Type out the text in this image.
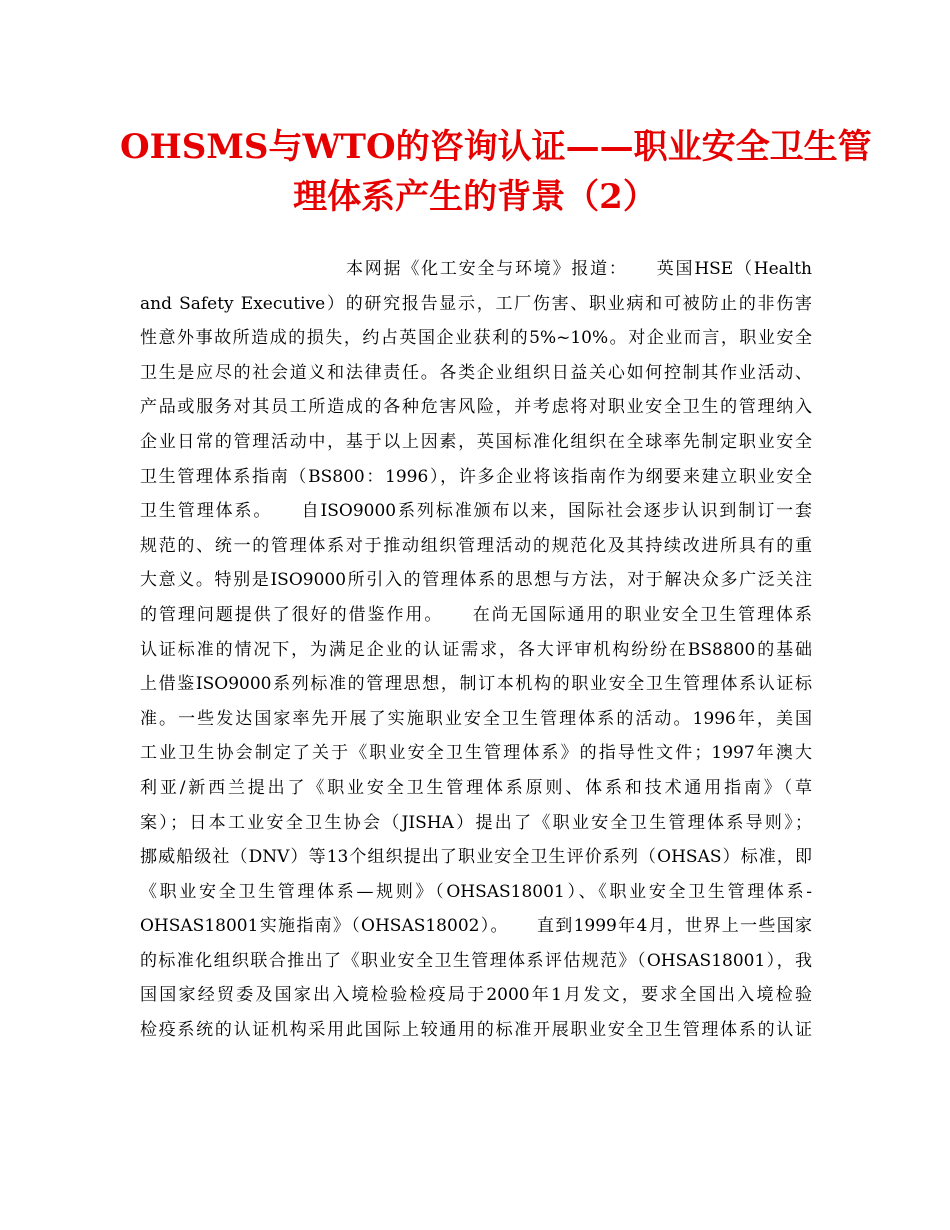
OHSMS与WTO的咨询认证——职业安全卫生管
理体系产生的背景（2）
本网据《化工安全与环境》报道：　　英国HSE（Health
and Safety Executive）的研究报告显示，工厂伤害、职业病和可被防止的非伤害
性意外事故所造成的损失，约占英国企业获利的5%~10%。对企业而言，职业安全
卫生是应尽的社会道义和法律责任。各类企业组织日益关心如何控制其作业活动、
产品或服务对其员工所造成的各种危害风险，并考虑将对职业安全卫生的管理纳入
企业日常的管理活动中，基于以上因素，英国标准化组织在全球率先制定职业安全
卫生管理体系指南（BS800：1996），许多企业将该指南作为纲要来建立职业安全
卫生管理体系。　　自ISO9000系列标准颁布以来，国际社会逐步认识到制订一套
规范的、统一的管理体系对于推动组织管理活动的规范化及其持续改进所具有的重
大意义。特别是ISO9000所引入的管理体系的思想与方法，对于解决众多广泛关注
的管理问题提供了很好的借鉴作用。　　在尚无国际通用的职业安全卫生管理体系
认证标准的情况下，为满足企业的认证需求，各大评审机构纷纷在BS8800的基础
上借鉴ISO9000系列标准的管理思想，制订本机构的职业安全卫生管理体系认证标
准。一些发达国家率先开展了实施职业安全卫生管理体系的活动。1996年，美国
工业卫生协会制定了关于《职业安全卫生管理体系》的指导性文件；1997年澳大
利亚/新西兰提出了《职业安全卫生管理体系原则、体系和技术通用指南》（草
案）；日本工业安全卫生协会（JISHA）提出了《职业安全卫生管理体系导则》；
挪威船级社（DNV）等13个组织提出了职业安全卫生评价系列（OHSAS）标准，即
《职业安全卫生管理体系—规则》（OHSAS18001）、《职业安全卫生管理体系-
OHSAS18001实施指南》（OHSAS18002）。　　直到1999年4月，世界上一些国家
的标准化组织联合推出了《职业安全卫生管理体系评估规范》（OHSAS18001），我
国国家经贸委及国家出入境检验检疫局于2000年1月发文，要求全国出入境检验
检疫系统的认证机构采用此国际上较通用的标准开展职业安全卫生管理体系的认证
